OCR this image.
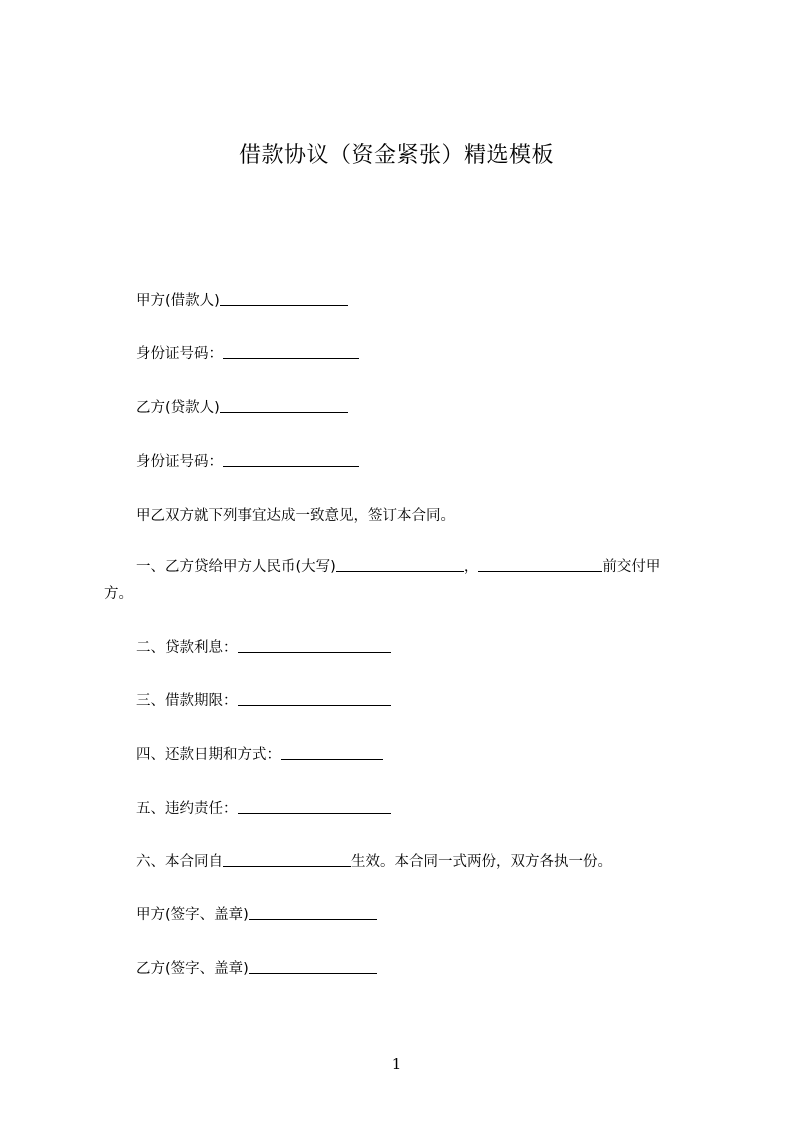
借款协议（资金紧张）精选模板
甲方(借款人)
身份证号码：
乙方(贷款人)
身份证号码：
甲乙双方就下列事宜达成一致意见，签订本合同。
一、乙方贷给甲方人民币(大写)	，	前交付甲
方。
二、贷款利息：
三、借款期限：
四、还款日期和方式：
五、违约责任：
六、本合同自	生效。本合同一式两份，双方各执一份。
甲方(签字、盖章)
乙方(签字、盖章)
1
